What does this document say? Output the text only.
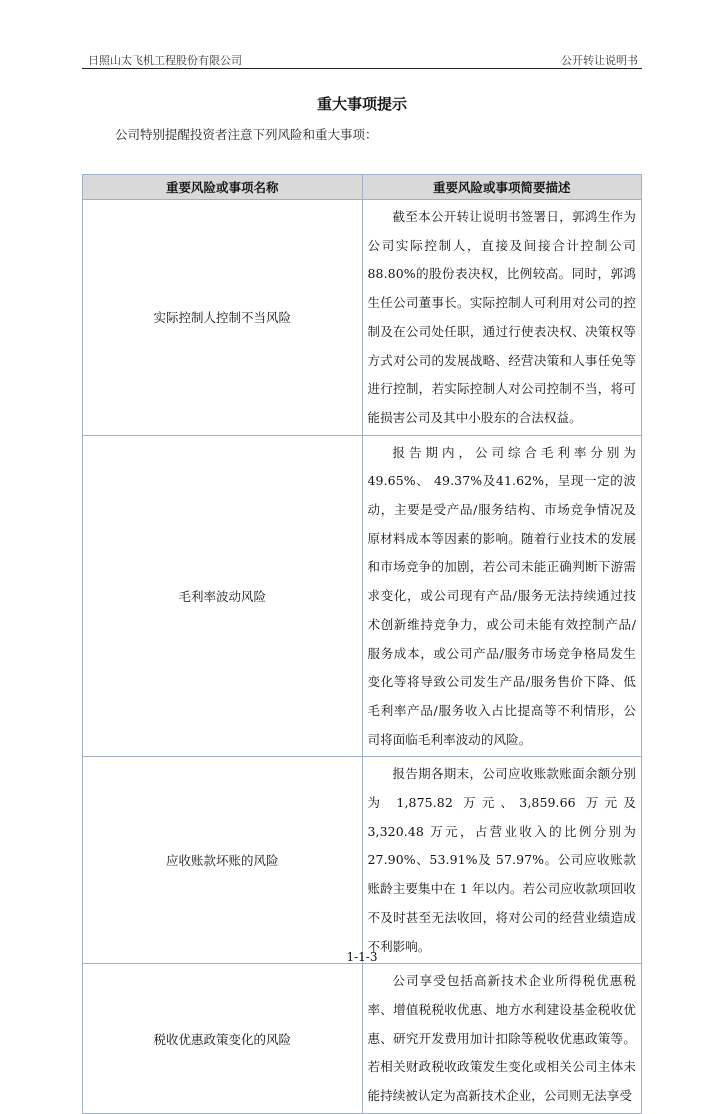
日照山太飞机工程股份有限公司	公开转让说明书
重大事项提示
公司特别提醒投资者注意下列风险和重大事项：
重要风险或事项名称	重要风险或事项简要描述
实际控制人控制不当风险	截至本公开转让说明书签署日，郭鸿生作为公司实际控制人，直接及间接合计控制公司 88.80%的股份表决权，比例较高。同时，郭鸿生任公司董事长。实际控制人可利用对公司的控制及在公司处任职，通过行使表决权、决策权等方式对公司的发展战略、经营决策和人事任免等进行控制，若实际控制人对公司控制不当，将可能损害公司及其中小股东的合法权益。
毛利率波动风险	报告期内，公司综合毛利率分别为 49.65%、 49.37%及41.62%，呈现一定的波动，主要是受产品/服务结构、市场竞争情况及原材料成本等因素的影响。随着行业技术的发展和市场竞争的加剧，若公司未能正确判断下游需求变化，或公司现有产品/服务无法持续通过技术创新维持竞争力，或公司未能有效控制产品/服务成本，或公司产品/服务市场竞争格局发生变化等将导致公司发生产品/服务售价下降、低毛利率产品/服务收入占比提高等不利情形，公司将面临毛利率波动的风险。
应收账款坏账的风险	报告期各期末，公司应收账款账面余额分别为 1,875.82 万元、3,859.66 万元及 3,320.48 万元，占营业收入的比例分别为 27.90%、53.91%及 57.97%。公司应收账款账龄主要集中在 1 年以内。若公司应收款项回收不及时甚至无法收回，将对公司的经营业绩造成不利影响。
税收优惠政策变化的风险	公司享受包括高新技术企业所得税优惠税率、增值税税收优惠、地方水利建设基金税收优惠、研究开发费用加计扣除等税收优惠政策等。若相关财政税收政策发生变化或相关公司主体未能持续被认定为高新技术企业，公司则无法享受
1-1-3
